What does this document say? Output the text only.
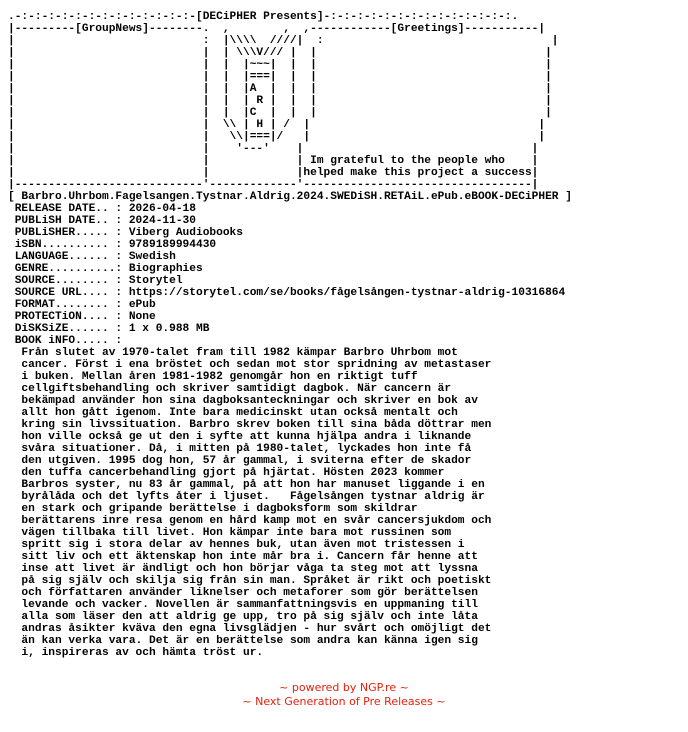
.-:-:-:-:-:-:-:-:-:-:-:-:-:-[DECiPHER Presents]-:-:-:-:-:-:-:-:-:-:-:-:-:-:.
|---------[GroupNews]--------.  ,        ,  ,------------[Greetings]-----------|
|                            :  |\\\\  ////|  :                                  |
|                            |  | \\\V/// |  |                                  |
|                            |  |  |~~~|  |  |                                  |
|                            |  |  |===|  |  |                                  |
|                            |  |  |A  |  |  |                                  |
|                            |  |  | R |  |  |                                  |
|                            |  |  |C  |  |  |                                  |
|                            |  \\ | H | /  |                                  |
|                            |   \\|===|/   |                                  |
|                            |    '---'    |                                  |
|                            |             | Im grateful to the people who    |
|                            |             |helped make this project a success|
|----------------------------'-------------'----------------------------------|
[ Barbro.Uhrbom.Fagelsangen.Tystnar.Aldrig.2024.SWEDiSH.RETAiL.ePub.eBOOK-DECiPHER ]
RELEASE DATE.. : 2026-04-18
PUBLiSH DATE.. : 2024-11-30
PUBLiSHER..... : Viberg Audiobooks
iSBN.......... : 9789189994430
LANGUAGE...... : Swedish
GENRE..........: Biographies
SOURCE........ : Storytel
SOURCE URL.... : https://storytel.com/se/books/fågelsången-tystnar-aldrig-10316864
FORMAT........ : ePub
PROTECTiON.... : None
DiSKSiZE...... : 1 x 0.988 MB
BOOK iNFO..... :
Från slutet av 1970-talet fram till 1982 kämpar Barbro Uhrbom mot
cancer. Först i ena bröstet och sedan mot stor spridning av metastaser
i buken. Mellan åren 1981-1982 genomgår hon en riktigt tuff
cellgiftsbehandling och skriver samtidigt dagbok. När cancern är
bekämpad använder hon sina dagboksanteckningar och skriver en bok av
allt hon gått igenom. Inte bara medicinskt utan också mentalt och
kring sin livssituation. Barbro skrev boken till sina båda döttrar men
hon ville också ge ut den i syfte att kunna hjälpa andra i liknande
svåra situationer. Då, i mitten på 1980-talet, lyckades hon inte få
den utgiven. 1995 dog hon, 57 år gammal, i sviterna efter de skador
den tuffa cancerbehandling gjort på hjärtat. Hösten 2023 kommer
Barbros syster, nu 83 år gammal, på att hon har manuset liggande i en
byrålåda och det lyfts åter i ljuset.   Fågelsången tystnar aldrig är
en stark och gripande berättelse i dagboksform som skildrar
berättarens inre resa genom en hård kamp mot en svår cancersjukdom och
vägen tillbaka till livet. Hon kämpar inte bara mot russinen som
spritt sig i stora delar av hennes buk, utan även mot tristessen i
sitt liv och ett äktenskap hon inte mår bra i. Cancern får henne att
inse att livet är ändligt och hon börjar våga ta steg mot att lyssna
på sig själv och skilja sig från sin man. Språket är rikt och poetiskt
och författaren använder liknelser och metaforer som gör berättelsen
levande och vacker. Novellen är sammanfattningsvis en uppmaning till
alla som läser den att aldrig ge upp, tro på sig själv och inte låta
andras åsikter kväva den egna livsglädjen - hur svårt och omöjligt det
än kan verka vara. Det är en berättelse som andra kan känna igen sig
i, inspireras av och hämta tröst ur.
~ powered by NGP.re ~
~ Next Generation of Pre Releases ~
